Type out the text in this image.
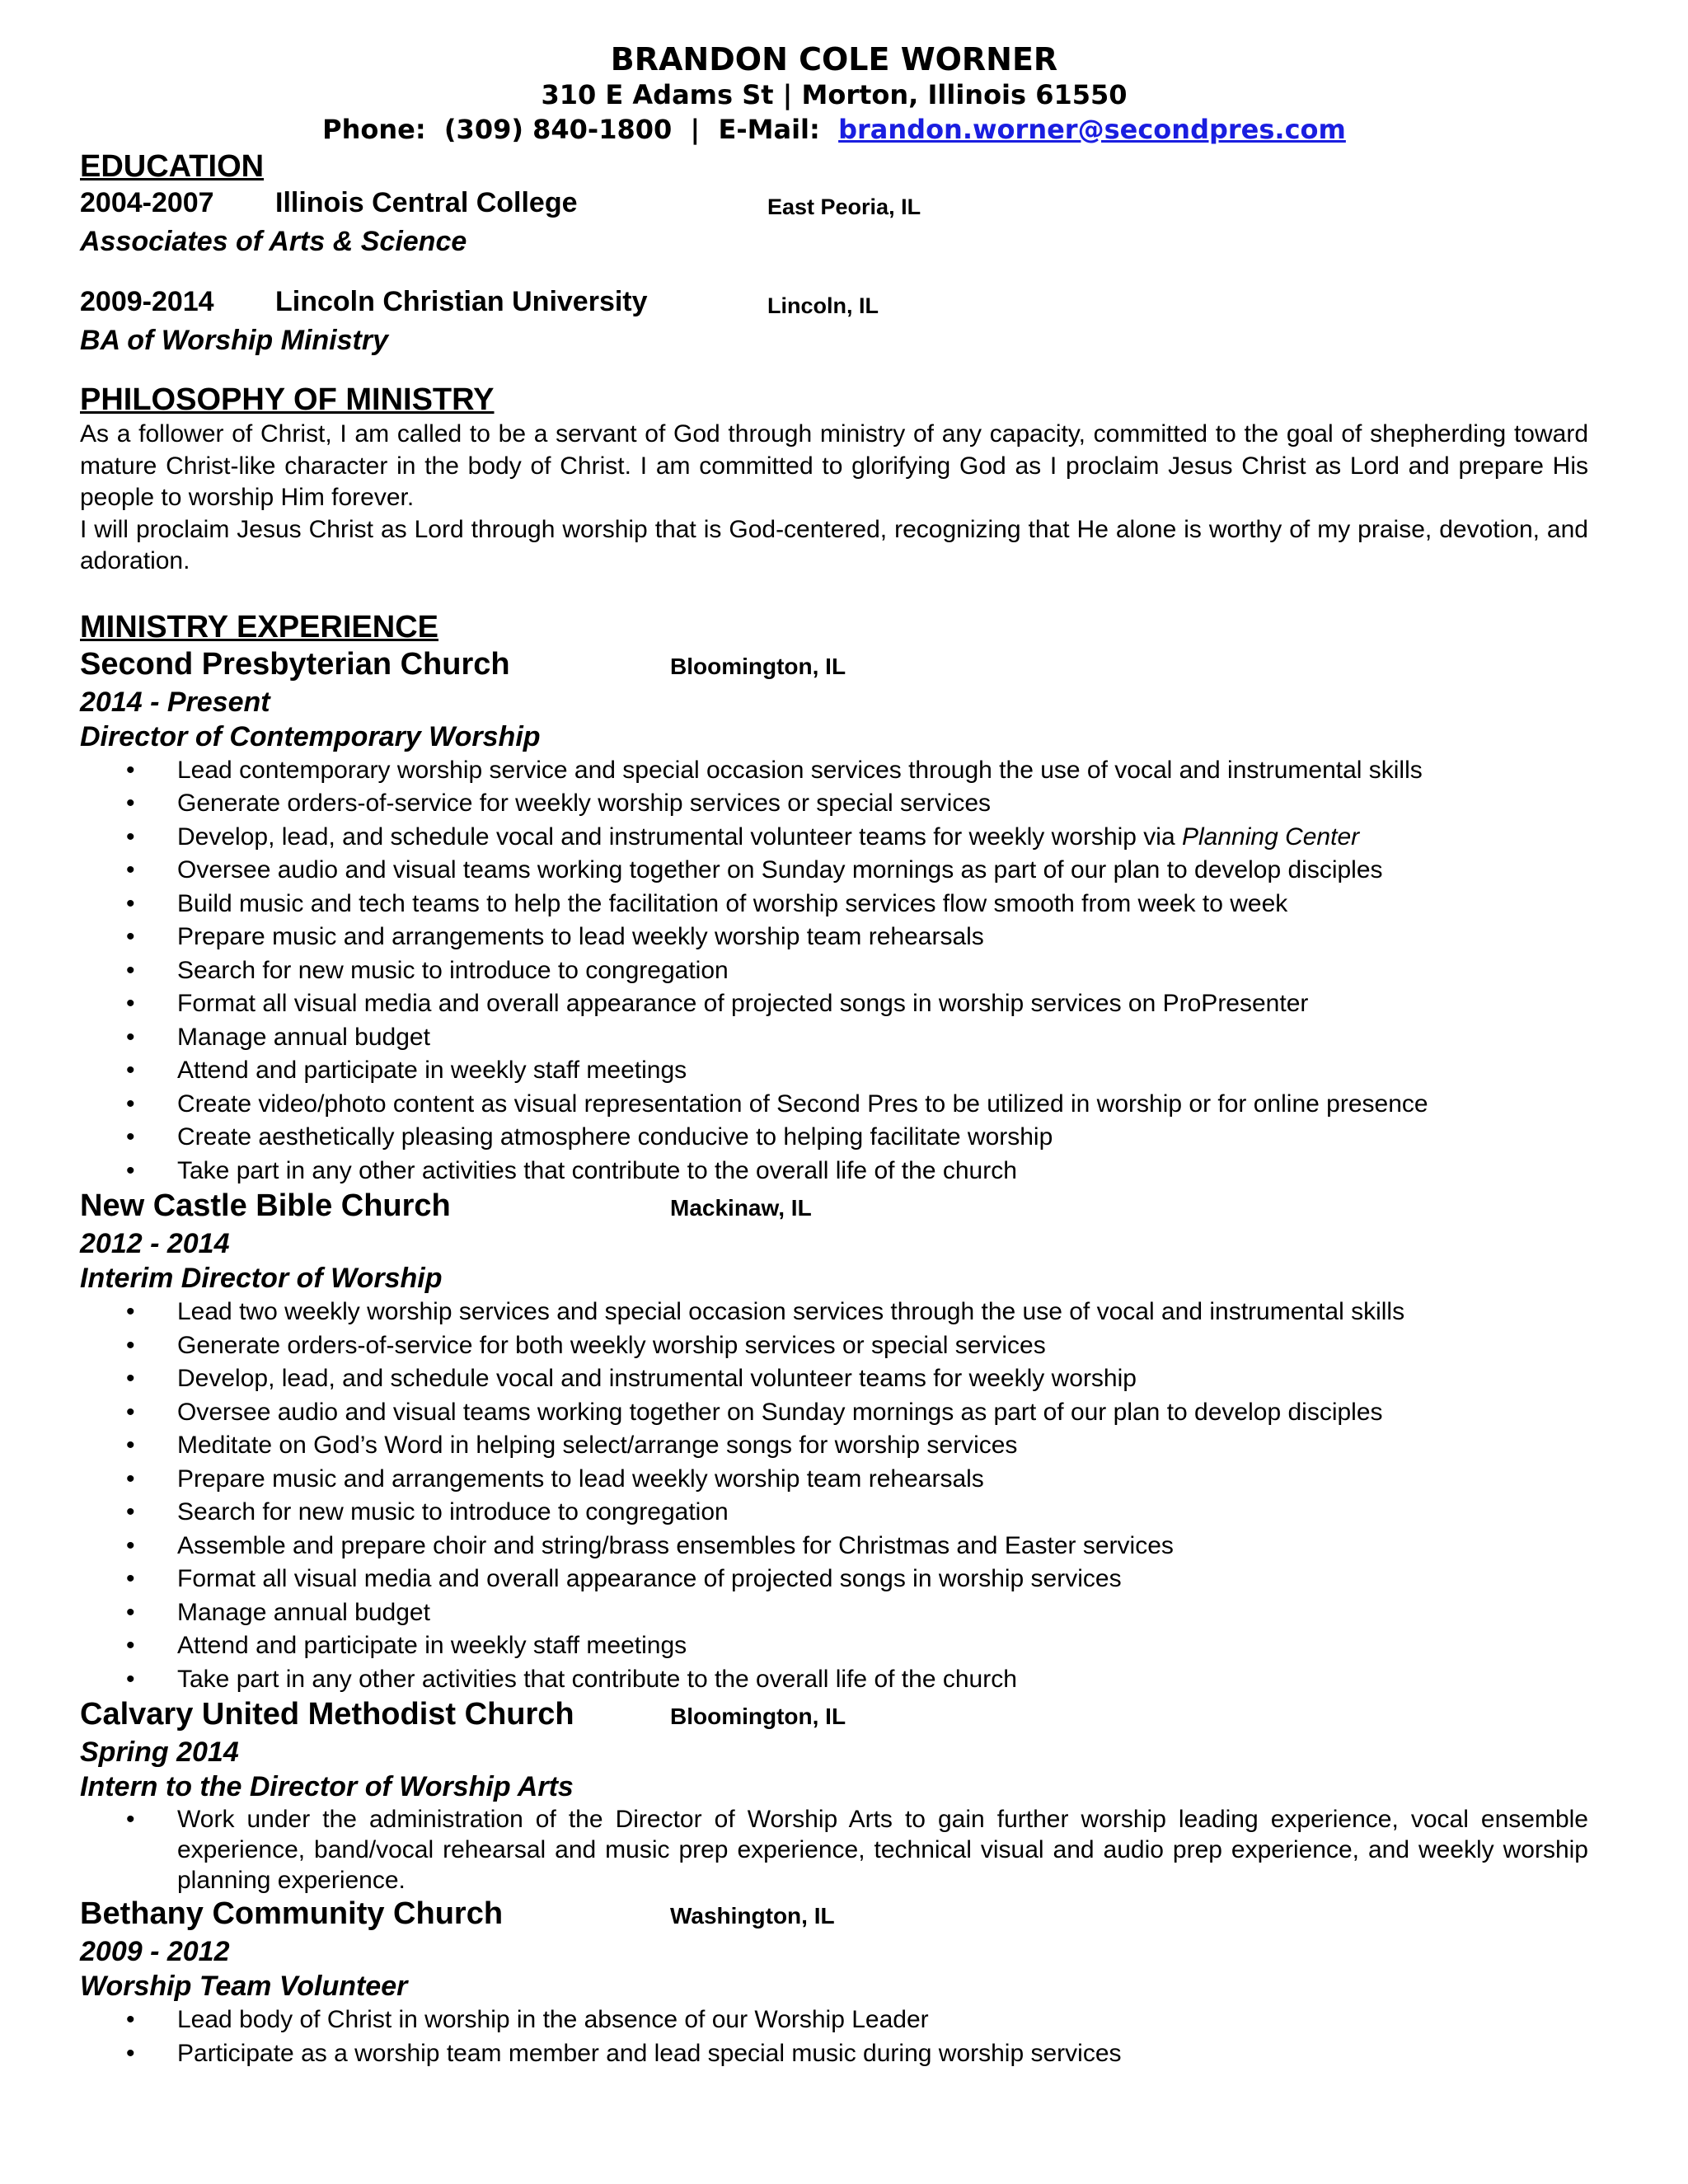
BRANDON COLE WORNER
310 E Adams St | Morton, Illinois 61550
Phone:  (309) 840-1800  |  E-Mail:  brandon.worner@secondpres.com
EDUCATION
2004-2007	Illinois Central College	East Peoria, IL
Associates of Arts & Science
2009-2014	Lincoln Christian University	Lincoln, IL
BA of Worship Ministry
PHILOSOPHY OF MINISTRY
As a follower of Christ, I am called to be a servant of God through ministry of any capacity, committed to the goal of shepherding toward mature Christ-like character in the body of Christ. I am committed to glorifying God as I proclaim Jesus Christ as Lord and prepare His people to worship Him forever.
I will proclaim Jesus Christ as Lord through worship that is God-centered, recognizing that He alone is worthy of my praise, devotion, and adoration.
MINISTRY EXPERIENCE
Second Presbyterian Church	Bloomington, IL
2014 - Present
Director of Contemporary Worship
• Lead contemporary worship service and special occasion services through the use of vocal and instrumental skills
• Generate orders-of-service for weekly worship services or special services
• Develop, lead, and schedule vocal and instrumental volunteer teams for weekly worship via Planning Center
• Oversee audio and visual teams working together on Sunday mornings as part of our plan to develop disciples
• Build music and tech teams to help the facilitation of worship services flow smooth from week to week
• Prepare music and arrangements to lead weekly worship team rehearsals
• Search for new music to introduce to congregation
• Format all visual media and overall appearance of projected songs in worship services on ProPresenter
• Manage annual budget
• Attend and participate in weekly staff meetings
• Create video/photo content as visual representation of Second Pres to be utilized in worship or for online presence
• Create aesthetically pleasing atmosphere conducive to helping facilitate worship
• Take part in any other activities that contribute to the overall life of the church
New Castle Bible Church	Mackinaw, IL
2012 - 2014
Interim Director of Worship
• Lead two weekly worship services and special occasion services through the use of vocal and instrumental skills
• Generate orders-of-service for both weekly worship services or special services
• Develop, lead, and schedule vocal and instrumental volunteer teams for weekly worship
• Oversee audio and visual teams working together on Sunday mornings as part of our plan to develop disciples
• Meditate on God’s Word in helping select/arrange songs for worship services
• Prepare music and arrangements to lead weekly worship team rehearsals
• Search for new music to introduce to congregation
• Assemble and prepare choir and string/brass ensembles for Christmas and Easter services
• Format all visual media and overall appearance of projected songs in worship services
• Manage annual budget
• Attend and participate in weekly staff meetings
• Take part in any other activities that contribute to the overall life of the church
Calvary United Methodist Church	Bloomington, IL
Spring 2014
Intern to the Director of Worship Arts
• Work under the administration of the Director of Worship Arts to gain further worship leading experience, vocal ensemble experience, band/vocal rehearsal and music prep experience, technical visual and audio prep experience, and weekly worship planning experience.
Bethany Community Church	Washington, IL
2009 - 2012
Worship Team Volunteer
• Lead body of Christ in worship in the absence of our Worship Leader
• Participate as a worship team member and lead special music during worship services
